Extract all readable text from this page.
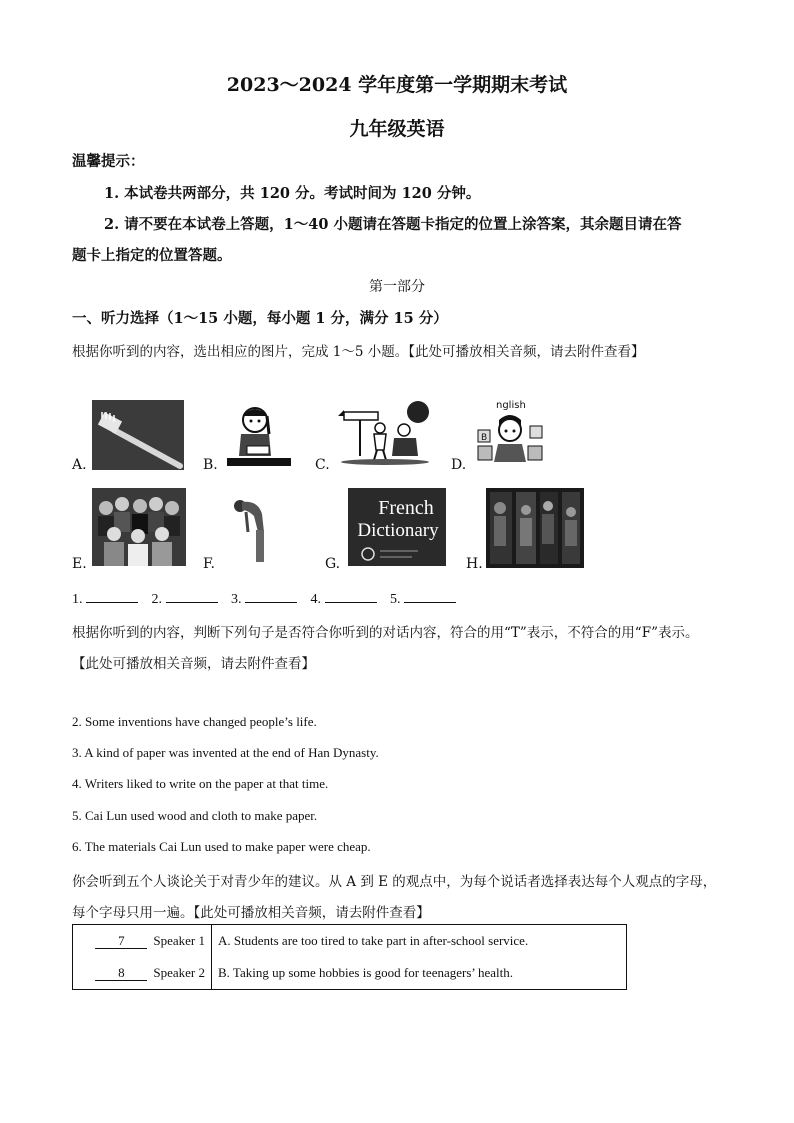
2023～2024 学年度第一学期期末考试
九年级英语
温馨提示：
1. 本试卷共两部分，共 120 分。考试时间为 120 分钟。
2. 请不要在本试卷上答题，1～40 小题请在答题卡指定的位置上涂答案，其余题目请在答
题卡上指定的位置答题。
第一部分
一、听力选择（1～15 小题，每小题 1 分，满分 15 分）
根据你听到的内容，选出相应的图片，完成 1～5 小题。【此处可播放相关音频，请去附件查看】
A.	B.	C.	D.
nglish
B
E.	F.	G.
French
Dictionary
H.
1.	2.	3.	4.	5.
根据你听到的内容，判断下列句子是否符合你听到的对话内容，符合的用“T”表示，不符合的用“F”表示。
【此处可播放相关音频，请去附件查看】
2. Some inventions have changed people’s life.
3. A kind of paper was invented at the end of Han Dynasty.
4. Writers liked to write on the paper at that time.
5. Cai Lun used wood and cloth to make paper.
6. The materials Cai Lun used to make paper were cheap.
你会听到五个人谈论关于对青少年的建议。从 A 到 E 的观点中，为每个说话者选择表达每个人观点的字母，
每个字母只用一遍。【此处可播放相关音频，请去附件查看】
7 Speaker 1	A. Students are too tired to take part in after-school service.
8 Speaker 2	B. Taking up some hobbies is good for teenagers’ health.
